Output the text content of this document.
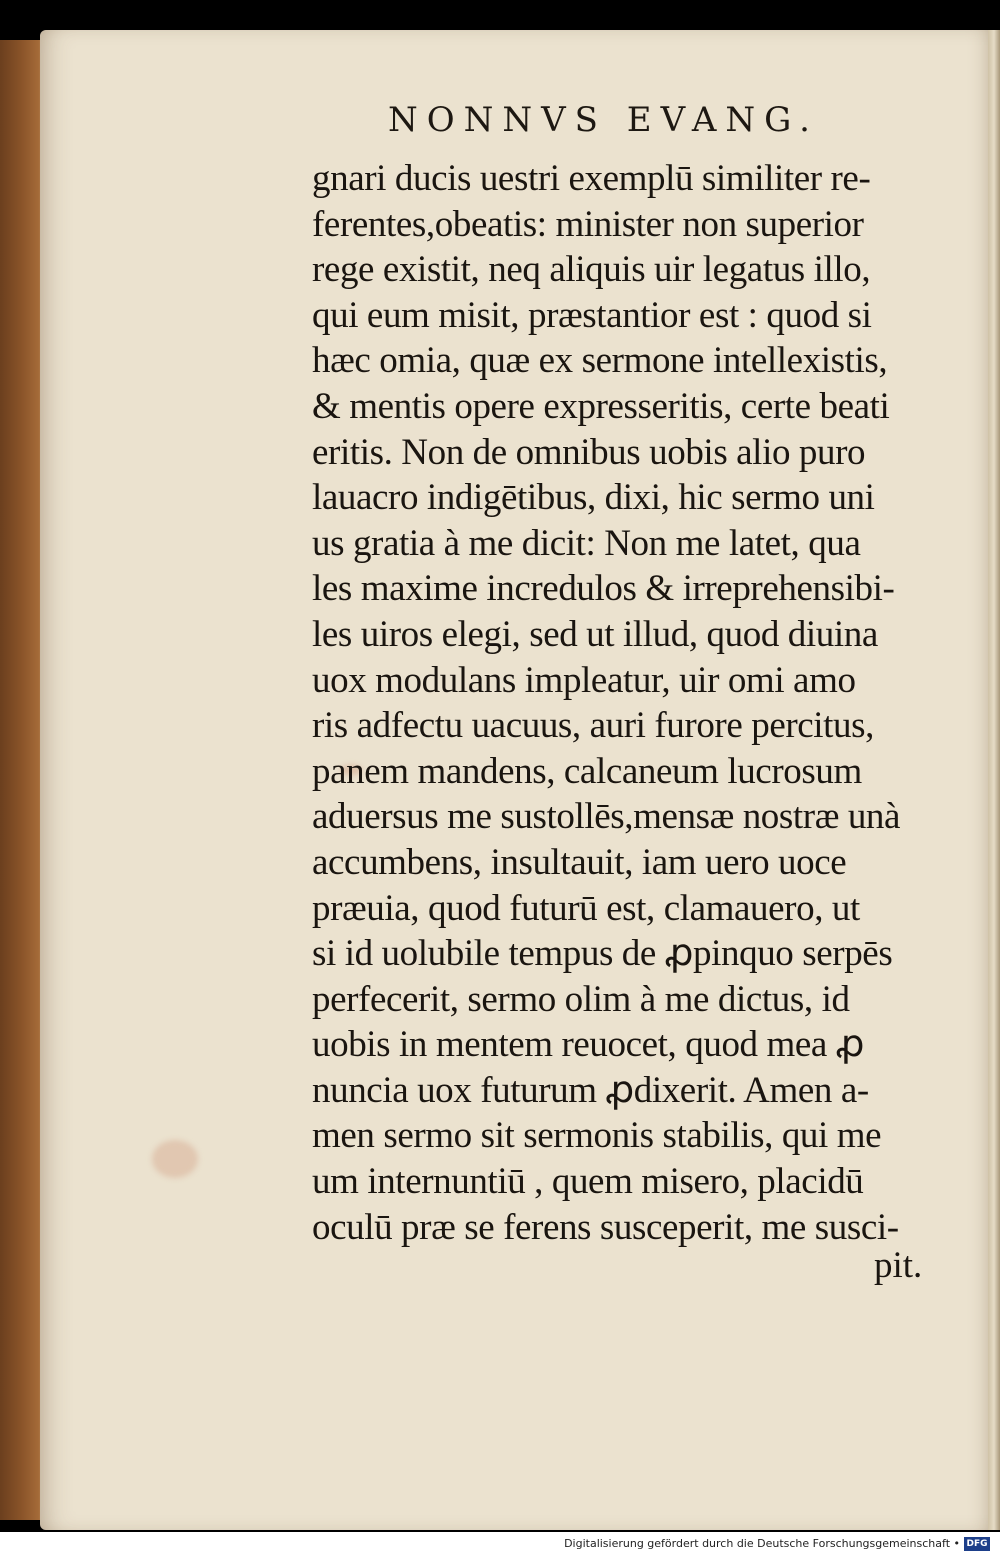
NONNVS EVANG.
gnari ducis uestri exemplū similiter re-
ferentes,obeatis: minister non superior
rege existit, neq aliquis uir legatus illo,
qui eum misit, præstantior est : quod si
hæc omia, quæ ex sermone intellexistis,
& mentis opere expresseritis, certe beati
eritis. Non de omnibus uobis alio puro
lauacro indigētibus, dixi, hic sermo uni
us gratia à me dicit: Non me latet, qua
les maxime incredulos & irreprehensibi-
les uiros elegi, sed ut illud, quod diuina
uox modulans impleatur, uir omi amo
ris adfectu uacuus, auri furore percitus,
panem mandens, calcaneum lucrosum
aduersus me sustollēs,mensæ nostræ unà
accumbens, insultauit, iam uero uoce
præuia, quod futurū est, clamauero, ut
si id uolubile tempus de ꝓpinquo serpēs
perfecerit, sermo olim à me dictus, id
uobis in mentem reuocet, quod mea ꝓ
nuncia uox futurum ꝓdixerit. Amen a-
men sermo sit sermonis stabilis, qui me
um internuntiū , quem misero, placidū
oculū præ se ferens susceperit, me susci-
pit.
Digitalisierung gefördert durch die Deutsche Forschungsgemeinschaft • DFG
